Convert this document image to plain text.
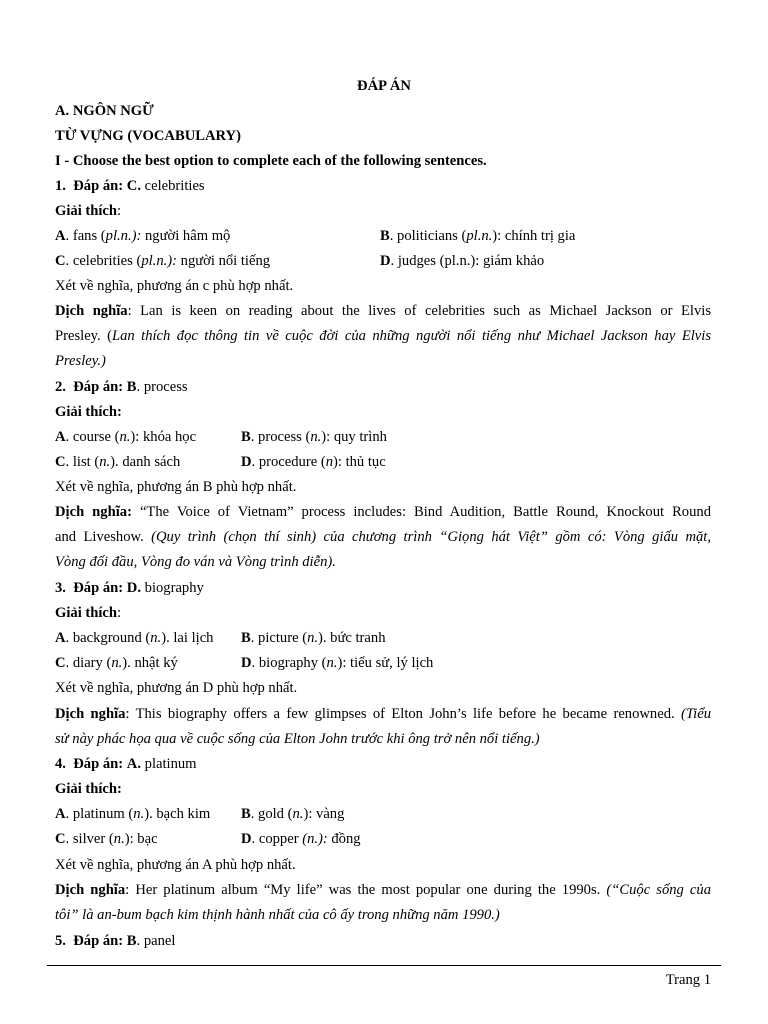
ĐÁP ÁN
A. NGÔN NGỮ
TỪ VỰNG (VOCABULARY)
I - Choose the best option to complete each of the following sentences.
1. Đáp án: C. celebrities
Giải thích:
A. fans (pl.n.): người hâm mộ	B. politicians (pl.n.): chính trị gia
C. celebrities (pl.n.): người nổi tiếng	D. judges (pl.n.): giám khảo
Xét về nghĩa, phương án c phù hợp nhất.
Dịch nghĩa: Lan is keen on reading about the lives of celebrities such as Michael Jackson or Elvis
Presley. (Lan thích đọc thông tin về cuộc đời của những người nổi tiếng như Michael Jackson hay Elvis
Presley.)
2. Đáp án: B. process
Giải thích:
A. course (n.): khóa học	B. process (n.): quy trình
C. list (n.). danh sách	D. procedure (n): thủ tục
Xét về nghĩa, phương án B phù hợp nhất.
Dịch nghĩa: “The Voice of Vietnam” process includes: Bind Audition, Battle Round, Knockout Round
and Liveshow. (Quy trình (chọn thí sinh) của chương trình “Giọng hát Việt” gồm có: Vòng giấu mặt,
Vòng đối đầu, Vòng đo ván và Vòng trình diễn).
3. Đáp án: D. biography
Giải thích:
A. background (n.). lai lịch B. picture (n.). bức tranh
C. diary (n.). nhật ký	D. biography (n.): tiểu sử, lý lịch
Xét về nghĩa, phương án D phù hợp nhất.
Dịch nghĩa: This biography offers a few glimpses of Elton John’s life before he became renowned. (Tiểu
sử này phác họa qua về cuộc sống của Elton John trước khi ông trở nên nổi tiếng.)
4. Đáp án: A. platinum
Giải thích:
A. platinum (n.). bạch kim B. gold (n.): vàng
C. silver (n.): bạc	D. copper (n.): đồng
Xét về nghĩa, phương án A phù hợp nhất.
Dịch nghĩa: Her platinum album “My life” was the most popular one during the 1990s. (“Cuộc sống của
tôi” là an-bum bạch kim thịnh hành nhất của cô ấy trong những năm 1990.)
5. Đáp án: B. panel
Trang 1
